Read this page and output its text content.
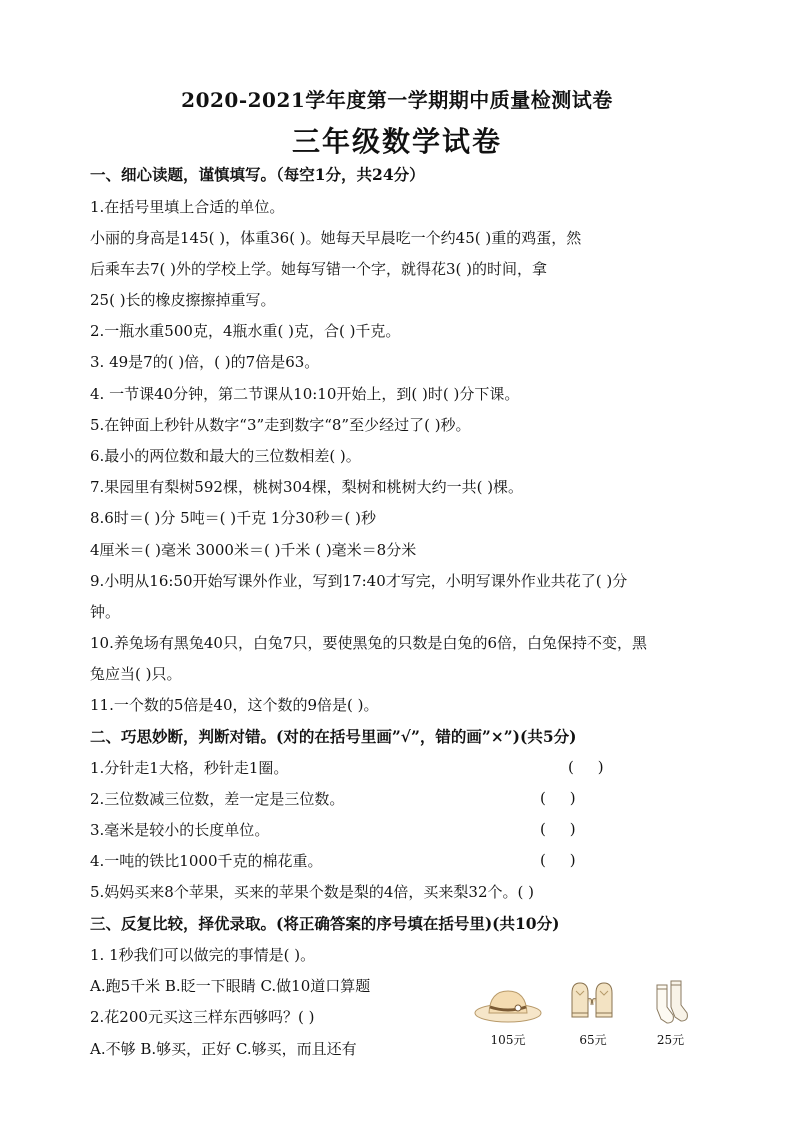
2020-2021学年度第一学期期中质量检测试卷
三年级数学试卷
一、细心读题，谨慎填写。（每空1分，共24分）
1.在括号里填上合适的单位。
小丽的身高是145( )，体重36( )。她每天早晨吃一个约45( )重的鸡蛋，然
后乘车去7( )外的学校上学。她每写错一个字，就得花3( )的时间，拿
25( )长的橡皮擦擦掉重写。
2.一瓶水重500克，4瓶水重( )克，合( )千克。
3. 49是7的( )倍，( )的7倍是63。
4. 一节课40分钟，第二节课从10:10开始上，到( )时( )分下课。
5.在钟面上秒针从数字“3”走到数字“8”至少经过了( )秒。
6.最小的两位数和最大的三位数相差( )。
7.果园里有梨树592棵，桃树304棵，梨树和桃树大约一共( )棵。
8.6时＝( )分 5吨＝( )千克 1分30秒＝( )秒
4厘米＝( )毫米 3000米＝( )千米 ( )毫米＝8分米
9.小明从16:50开始写课外作业，写到17:40才写完，小明写课外作业共花了( )分
钟。
10.养兔场有黑兔40只，白兔7只，要使黑兔的只数是白兔的6倍，白兔保持不变，黑
兔应当( )只。
11.一个数的5倍是40，这个数的9倍是( )。
二、巧思妙断，判断对错。(对的在括号里画”√”，错的画”×”)(共5分)
1.分针走1大格，秒针走1圈。	(     )
2.三位数减三位数，差一定是三位数。	(     )
3.毫米是较小的长度单位。	(     )
4.一吨的铁比1000千克的棉花重。	(     )
5.妈妈买来8个苹果，买来的苹果个数是梨的4倍，买来梨32个。( )
三、反复比较，择优录取。(将正确答案的序号填在括号里)(共10分)
1. 1秒我们可以做完的事情是( )。
A.跑5千米 B.眨一下眼睛 C.做10道口算题
2.花200元买这三样东西够吗？( )
A.不够 B.够买，正好 C.够买，而且还有	105元	65元	25元
